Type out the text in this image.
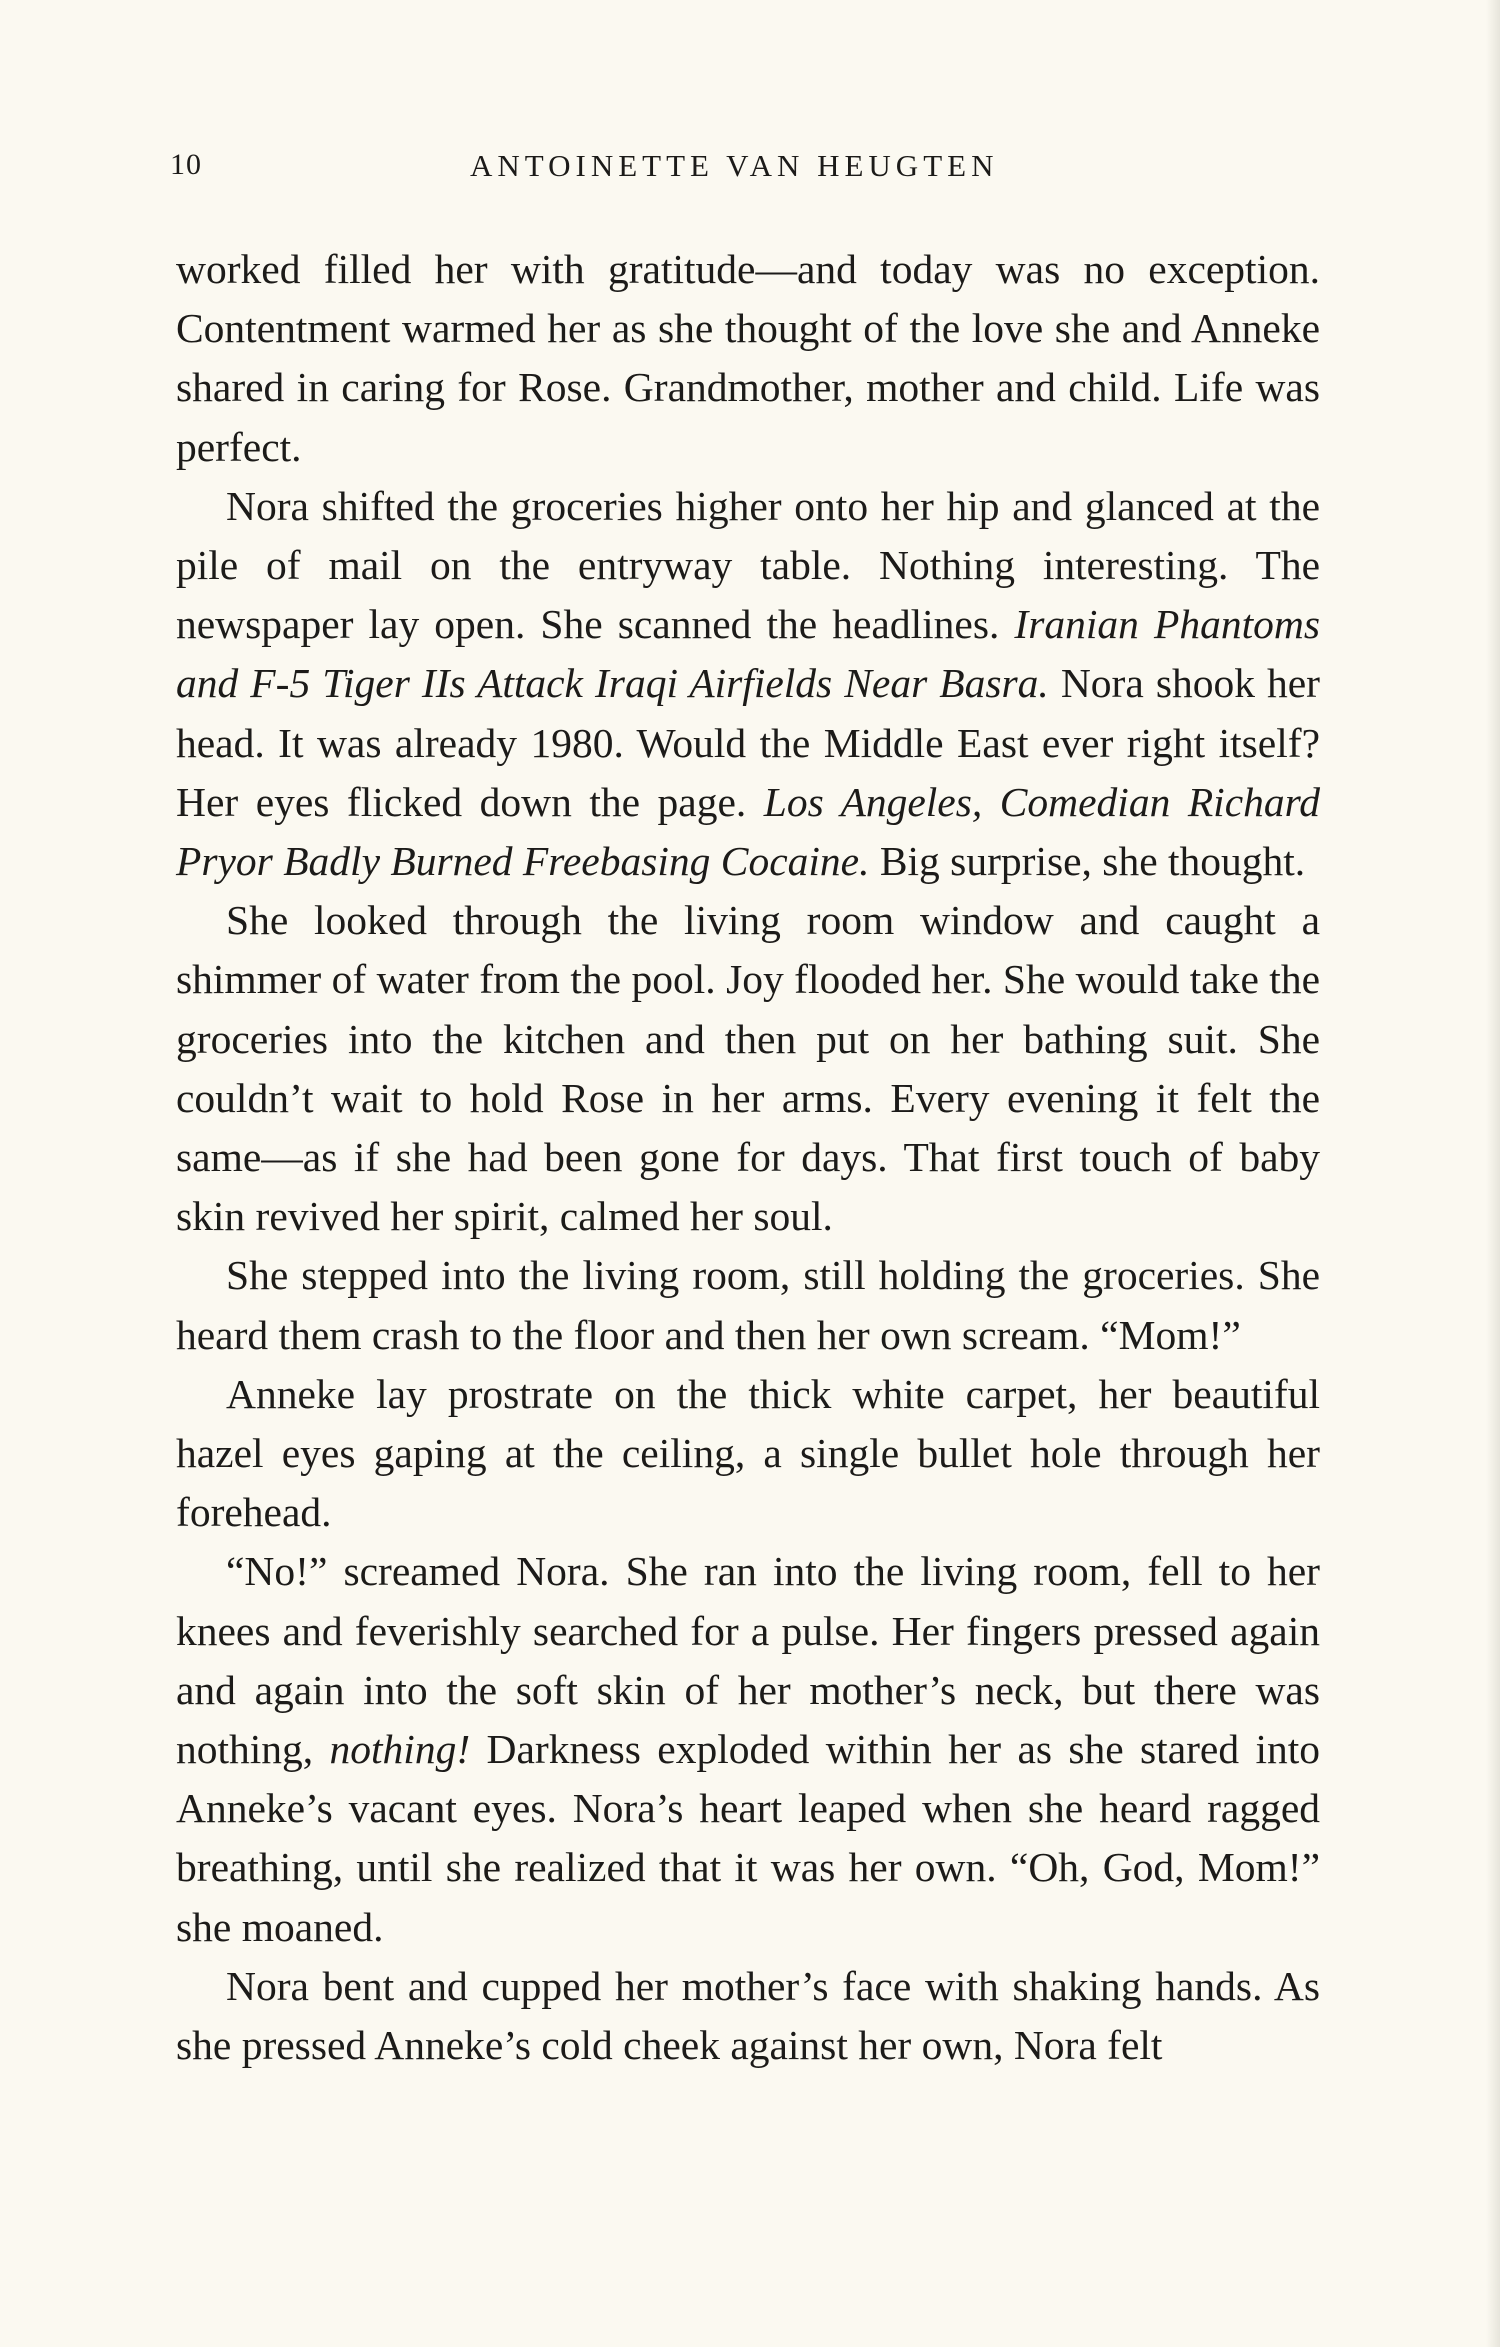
10	ANTOINETTE VAN HEUGTEN

worked filled her with gratitude—and today was no exception. Contentment warmed her as she thought of the love she and Anneke shared in caring for Rose. Grandmother, mother and child. Life was perfect.

Nora shifted the groceries higher onto her hip and glanced at the pile of mail on the entryway table. Nothing interesting. The newspaper lay open. She scanned the headlines. Iranian Phantoms and F-5 Tiger IIs Attack Iraqi Airfields Near Basra. Nora shook her head. It was already 1980. Would the Middle East ever right itself? Her eyes flicked down the page. Los Angeles, Comedian Richard Pryor Badly Burned Freebasing Cocaine. Big surprise, she thought.

She looked through the living room window and caught a shimmer of water from the pool. Joy flooded her. She would take the groceries into the kitchen and then put on her bathing suit. She couldn’t wait to hold Rose in her arms. Every evening it felt the same—as if she had been gone for days. That first touch of baby skin revived her spirit, calmed her soul.

She stepped into the living room, still holding the groceries. She heard them crash to the floor and then her own scream. “Mom!”

Anneke lay prostrate on the thick white carpet, her beautiful hazel eyes gaping at the ceiling, a single bullet hole through her forehead.

“No!” screamed Nora. She ran into the living room, fell to her knees and feverishly searched for a pulse. Her fingers pressed again and again into the soft skin of her mother’s neck, but there was nothing, nothing! Darkness exploded within her as she stared into Anneke’s vacant eyes. Nora’s heart leaped when she heard ragged breathing, until she realized that it was her own. “Oh, God, Mom!” she moaned.

Nora bent and cupped her mother’s face with shaking hands. As she pressed Anneke’s cold cheek against her own, Nora felt
